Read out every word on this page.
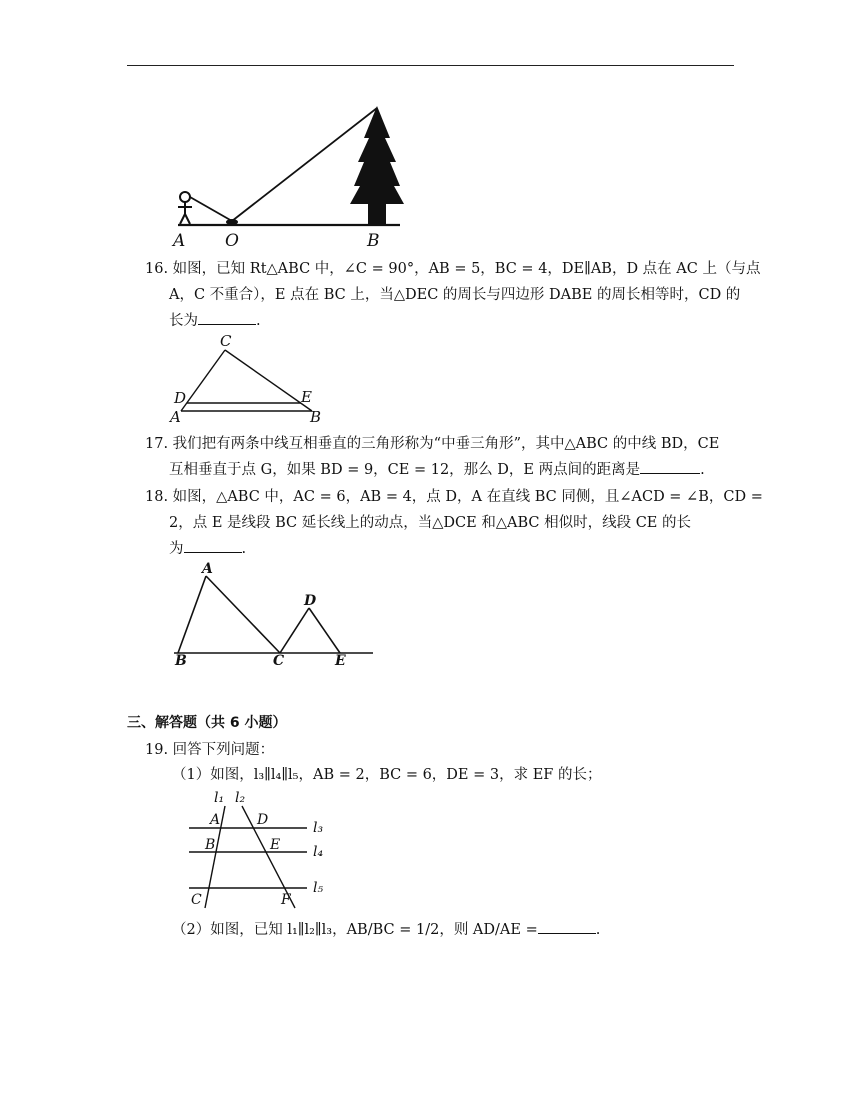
A O	B
16. 如图，已知 Rt△ABC 中，∠C = 90°，AB = 5，BC = 4，DE∥AB，D 点在 AC 上（与点
A，C 不重合），E 点在 BC 上，当△DEC 的周长与四边形 DABE 的周长相等时，CD 的
长为	.
C
D	E
A	B
17. 我们把有两条中线互相垂直的三角形称为“中垂三角形”，其中△ABC 的中线 BD，CE
互相垂直于点 G，如果 BD = 9，CE = 12，那么 D，E 两点间的距离是	.
18. 如图，△ABC 中，AC = 6，AB = 4，点 D，A 在直线 BC 同侧，且∠ACD = ∠B，CD =
2，点 E 是线段 BC 延长线上的动点，当△DCE 和△ABC 相似时，线段 CE 的长
为	.
A
D
B	C	E
三、解答题（共 6 小题）
19. 回答下列问题：
（1）如图，l₃∥l₄∥l₅，AB = 2，BC = 6，DE = 3，求 EF 的长；
l₁ l₂
l₃
l₄
l₅
A	D
B	E
C	F
（2）如图，已知 l₁∥l₂∥l₃，AB/BC = 1/2，则 AD/AE =	.
